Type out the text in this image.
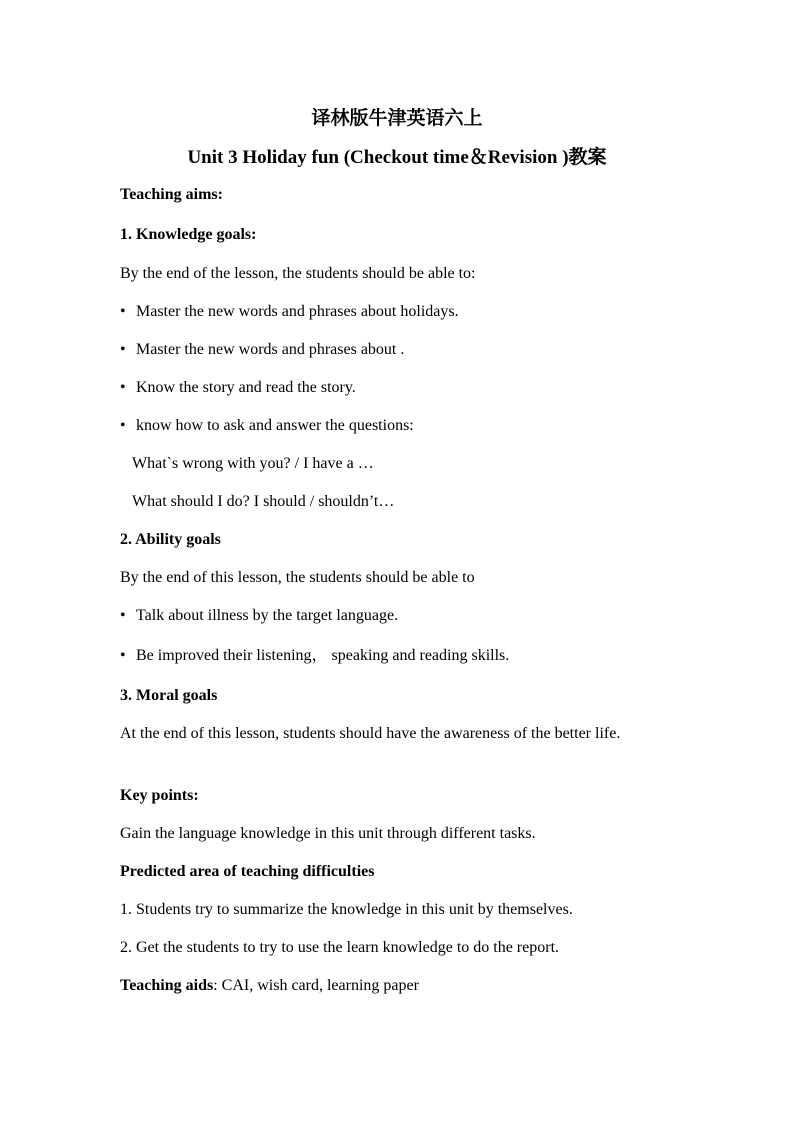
译林版牛津英语六上
Unit 3 Holiday fun (Checkout time＆Revision )教案
Teaching aims:
1. Knowledge goals:
By the end of the lesson, the students should be able to:
• Master the new words and phrases about holidays.
• Master the new words and phrases about .
• Know the story and read the story.
• know how to ask and answer the questions:
What`s wrong with you? / I have a …
What should I do? I should / shouldn’t…
2. Ability goals
By the end of this lesson, the students should be able to
• Talk about illness by the target language.
• Be improved their listening， speaking and reading skills.
3. Moral goals
At the end of this lesson, students should have the awareness of the better life.
Key points:
Gain the language knowledge in this unit through different tasks.
Predicted area of teaching difficulties
1. Students try to summarize the knowledge in this unit by themselves.
2. Get the students to try to use the learn knowledge to do the report.
Teaching aids: CAI, wish card, learning paper
